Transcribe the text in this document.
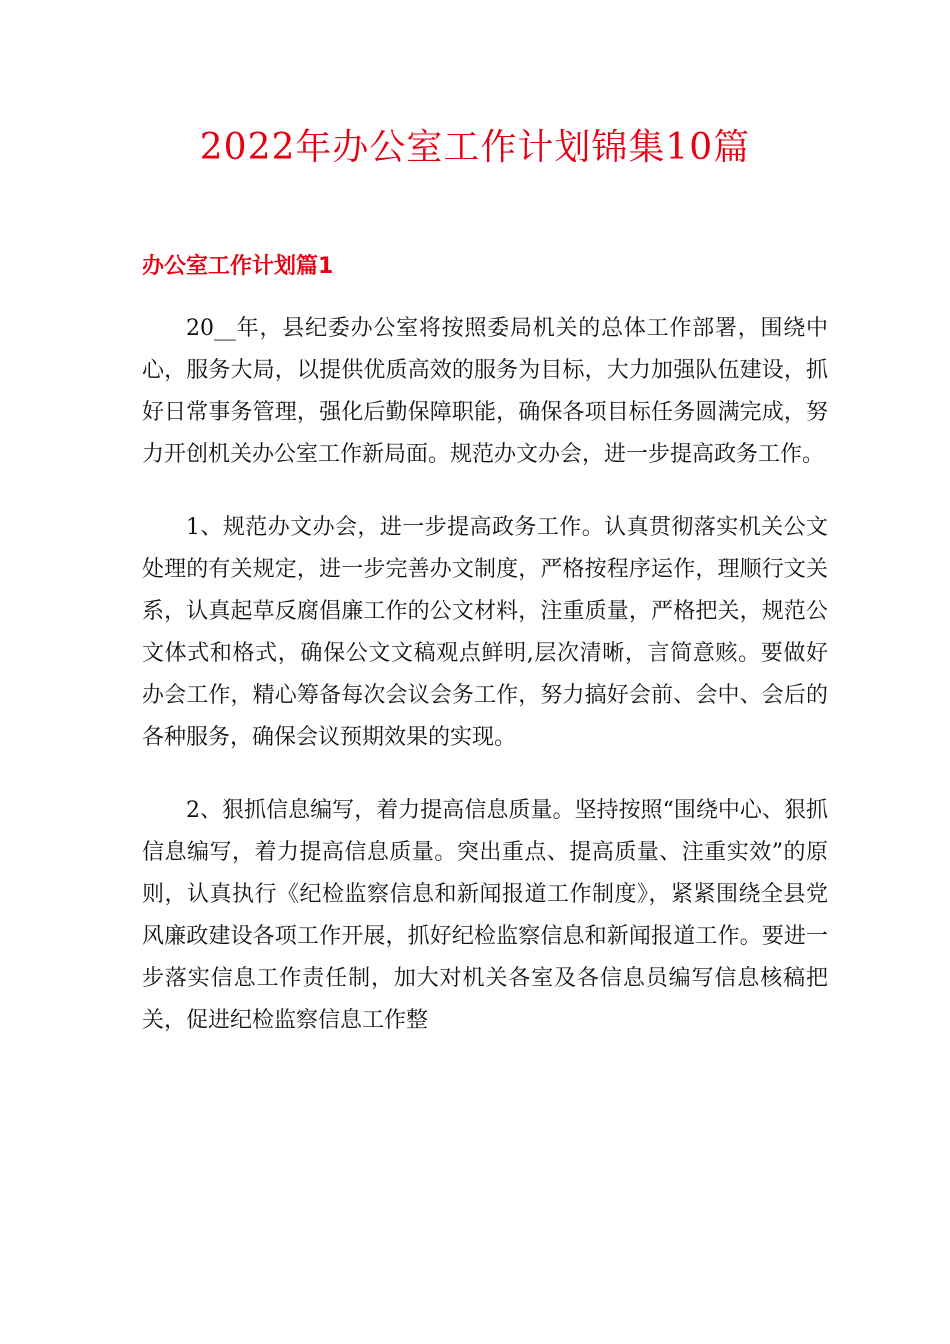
2022年办公室工作计划锦集10篇
办公室工作计划篇1

20__年，县纪委办公室将按照委局机关的总体工作部署，围绕中心，服务大局，以提供优质高效的服务为目标，大力加强队伍建设，抓好日常事务管理，强化后勤保障职能，确保各项目标任务圆满完成，努力开创机关办公室工作新局面。规范办文办会，进一步提高政务工作。

1、规范办文办会，进一步提高政务工作。认真贯彻落实机关公文处理的有关规定，进一步完善办文制度，严格按程序运作，理顺行文关系，认真起草反腐倡廉工作的公文材料，注重质量，严格把关，规范公文体式和格式，确保公文文稿观点鲜明,层次清晰，言简意赅。要做好办会工作，精心筹备每次会议会务工作，努力搞好会前、会中、会后的各种服务，确保会议预期效果的实现。

2、狠抓信息编写，着力提高信息质量。坚持按照“围绕中心、狠抓信息编写，着力提高信息质量。突出重点、提高质量、注重实效”的原则，认真执行《纪检监察信息和新闻报道工作制度》，紧紧围绕全县党风廉政建设各项工作开展，抓好纪检监察信息和新闻报道工作。要进一步落实信息工作责任制，加大对机关各室及各信息员编写信息核稿把关，促进纪检监察信息工作整
